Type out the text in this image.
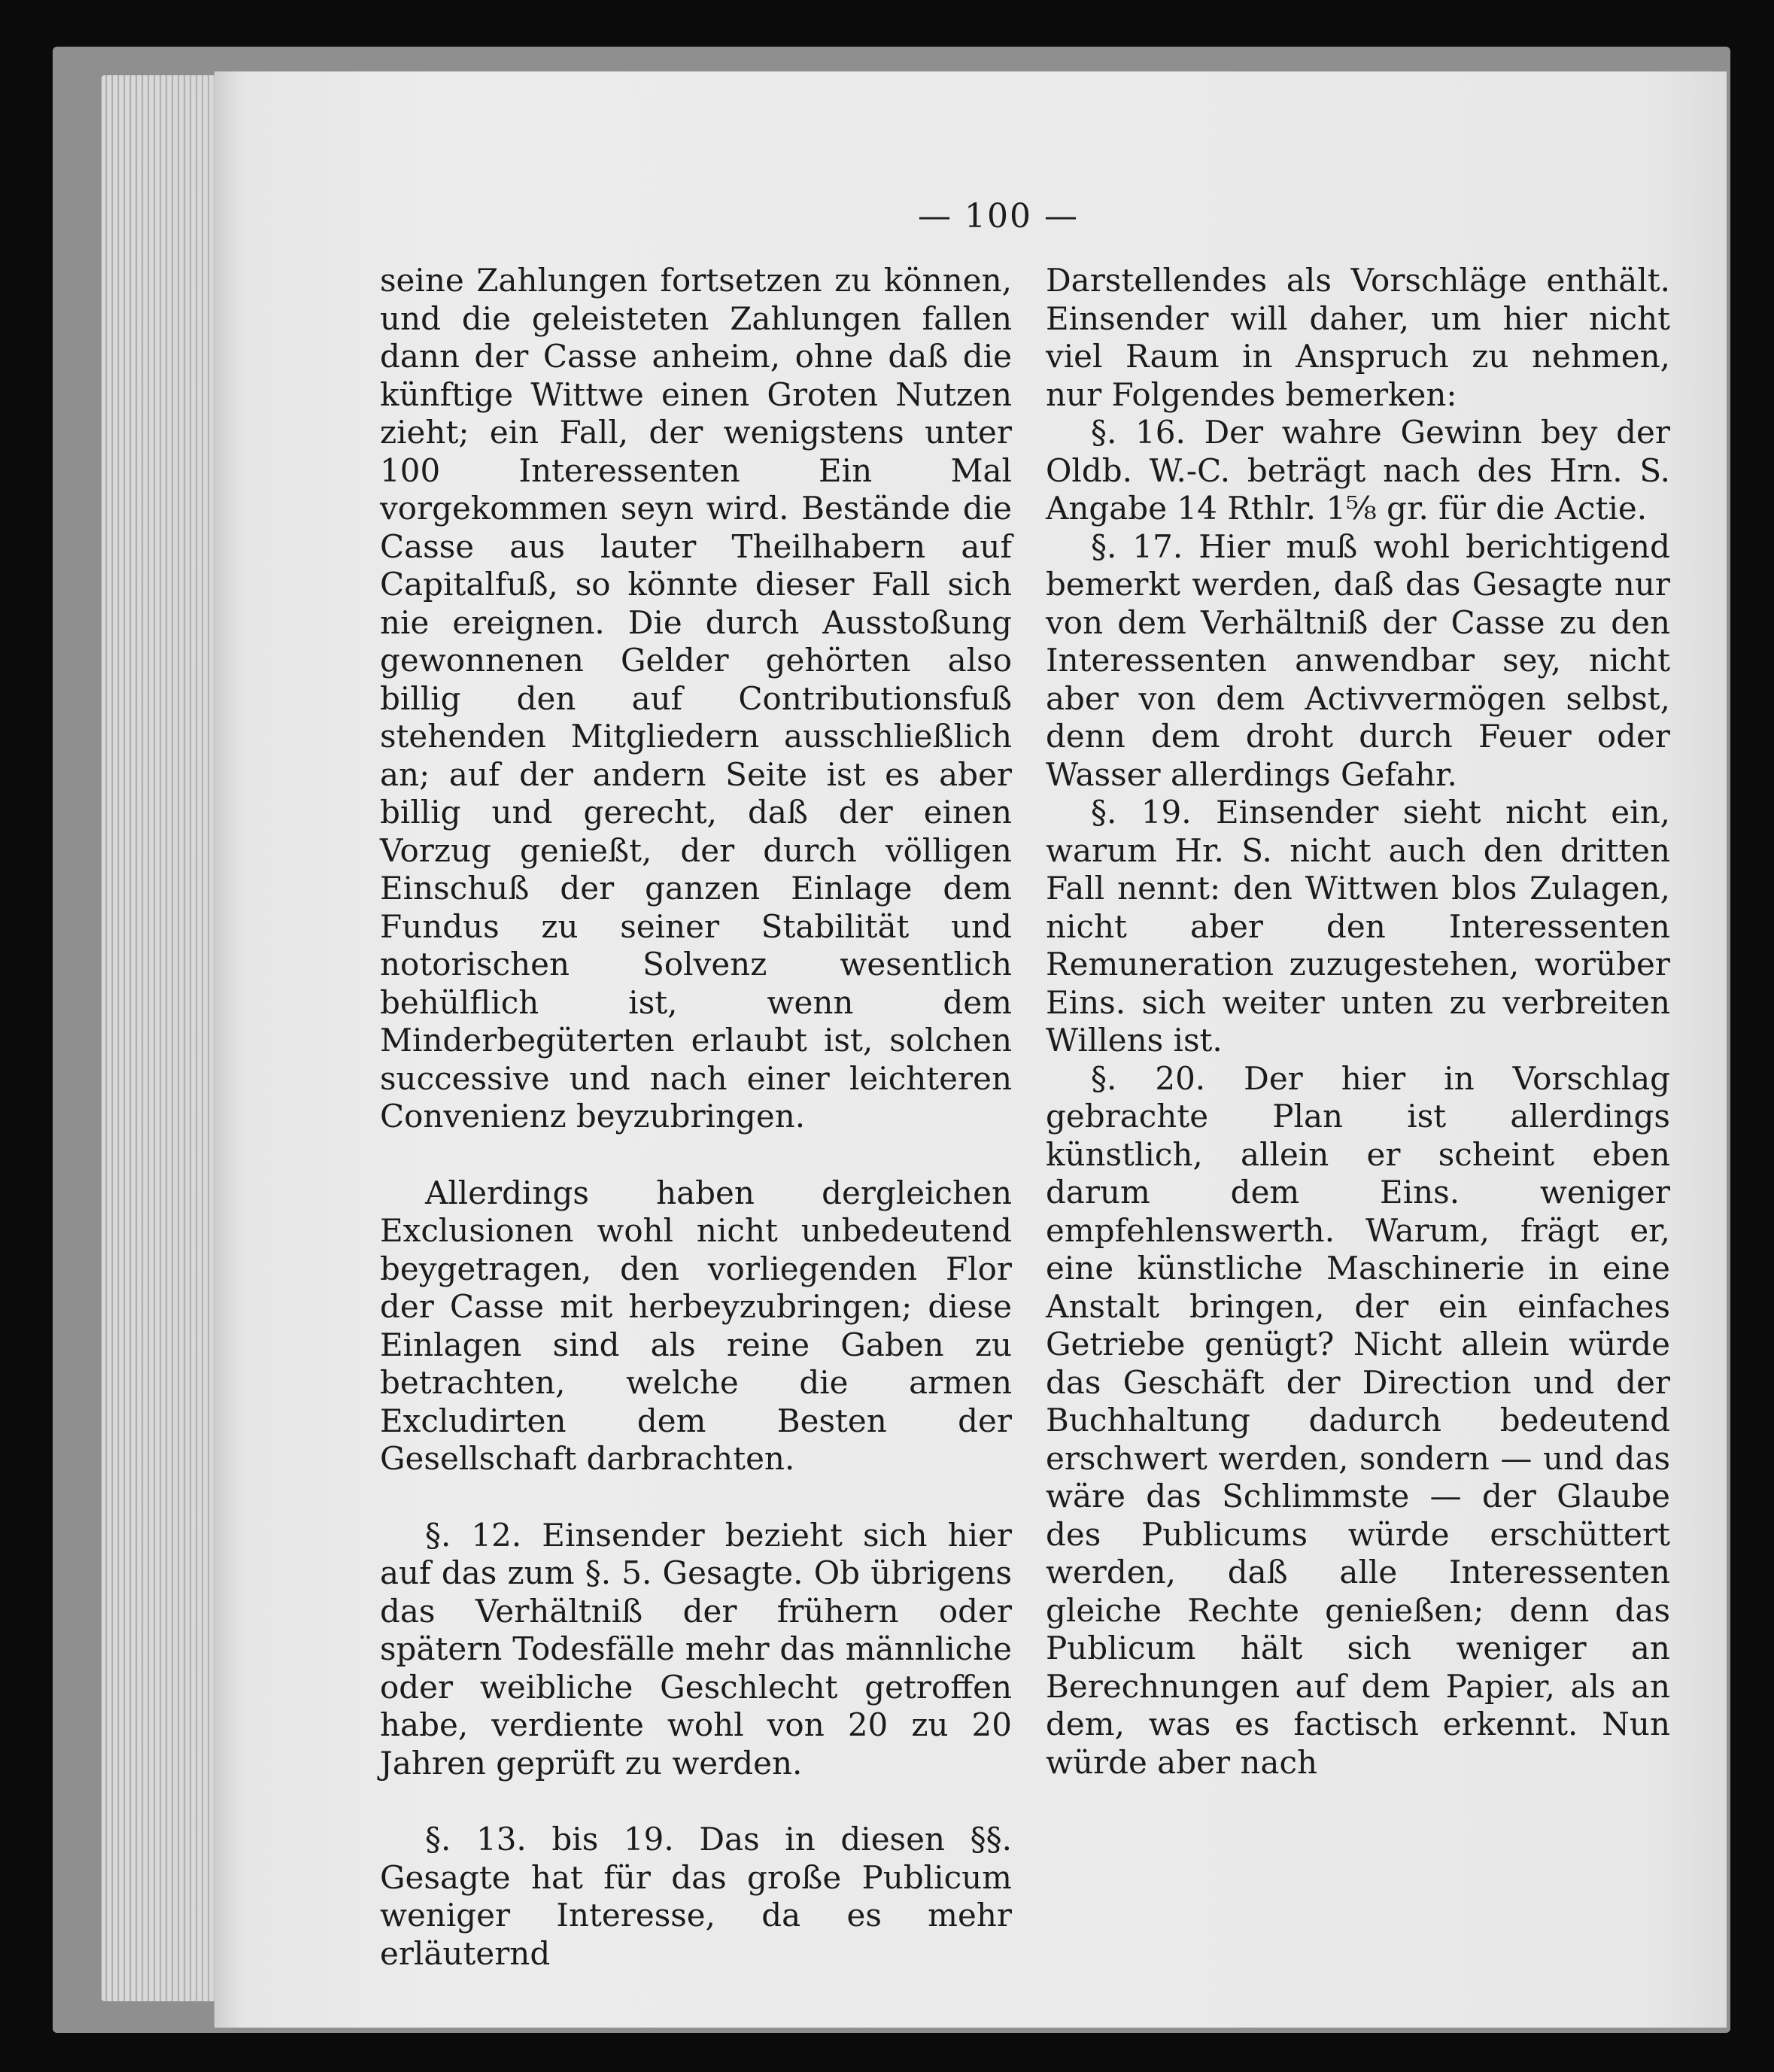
— 100 —

seine Zahlungen fortsetzen zu können, und die geleisteten Zahlungen fallen dann der Casse anheim, ohne daß die künftige Wittwe einen Groten Nutzen zieht; ein Fall, der wenigstens unter 100 Interessenten Ein Mal vorgekommen seyn wird. Beständе die Casse aus lauter Theilhabern auf Capitalfuß, so könnte dieser Fall sich nie ereignen. Die durch Ausstoßung gewonnenen Gelder gehörten also billig den auf Contributionsfuß stehenden Mitgliedern ausschließlich an; auf der andern Seite ist es aber billig und gerecht, daß der einen Vorzug genießt, der durch völligen Einschuß der ganzen Einlage dem Fundus zu seiner Stabilität und notorischen Solvenz wesentlich behülflich ist, wenn dem Minderbegüterten erlaubt ist, solchen successive und nach einer leichteren Convenienz beyzubringen.

Allerdings haben dergleichen Exclusionen wohl nicht unbedeutend beygetragen, den vorliegenden Flor der Casse mit herbeyzubringen; diese Einlagen sind als reine Gaben zu betrachten, welche die armen Excludirten dem Besten der Gesellschaft darbrachten.

§. 12. Einsender bezieht sich hier auf das zum §. 5. Gesagte. Ob übrigens das Verhältniß der frühern oder spätern Todesfälle mehr das männliche oder weibliche Geschlecht getroffen habe, verdiente wohl von 20 zu 20 Jahren geprüft zu werden.

§. 13. bis 19. Das in diesen §§. Gesagte hat für das große Publicum weniger Interesse, da es mehr erläuternd

Darstellendes als Vorschläge enthält. Einsender will daher, um hier nicht viel Raum in Anspruch zu nehmen, nur Folgendes bemerken:

§. 16. Der wahre Gewinn bey der Oldb. W.-C. beträgt nach des Hrn. S. Angabe 14 Rthlr. 1⅝ gr. für die Actie.

§. 17. Hier muß wohl berichtigend bemerkt werden, daß das Gesagte nur von dem Verhältniß der Casse zu den Interessenten anwendbar sey, nicht aber von dem Activvermögen selbst, denn dem droht durch Feuer oder Wasser allerdings Gefahr.

§. 19. Einsender sieht nicht ein, warum Hr. S. nicht auch den dritten Fall nennt: den Wittwen blos Zulagen, nicht aber den Interessenten Remuneration zuzugestehen, worüber Eins. sich weiter unten zu verbreiten Willens ist.

§. 20. Der hier in Vorschlag gebrachte Plan ist allerdings künstlich, allein er scheint eben darum dem Eins. weniger empfehlenswerth. Warum, frägt er, eine künstliche Maschinerie in eine Anstalt bringen, der ein einfaches Getriebe genügt? Nicht allein würde das Geschäft der Direction und der Buchhaltung dadurch bedeutend erschwert werden, sondern — und das wäre das Schlimmste — der Glaube des Publicums würde erschüttert werden, daß alle Interessenten gleiche Rechte genießen; denn das Publicum hält sich weniger an Berechnungen auf dem Papier, als an dem, was es factisch erkennt. Nun würde aber nach
